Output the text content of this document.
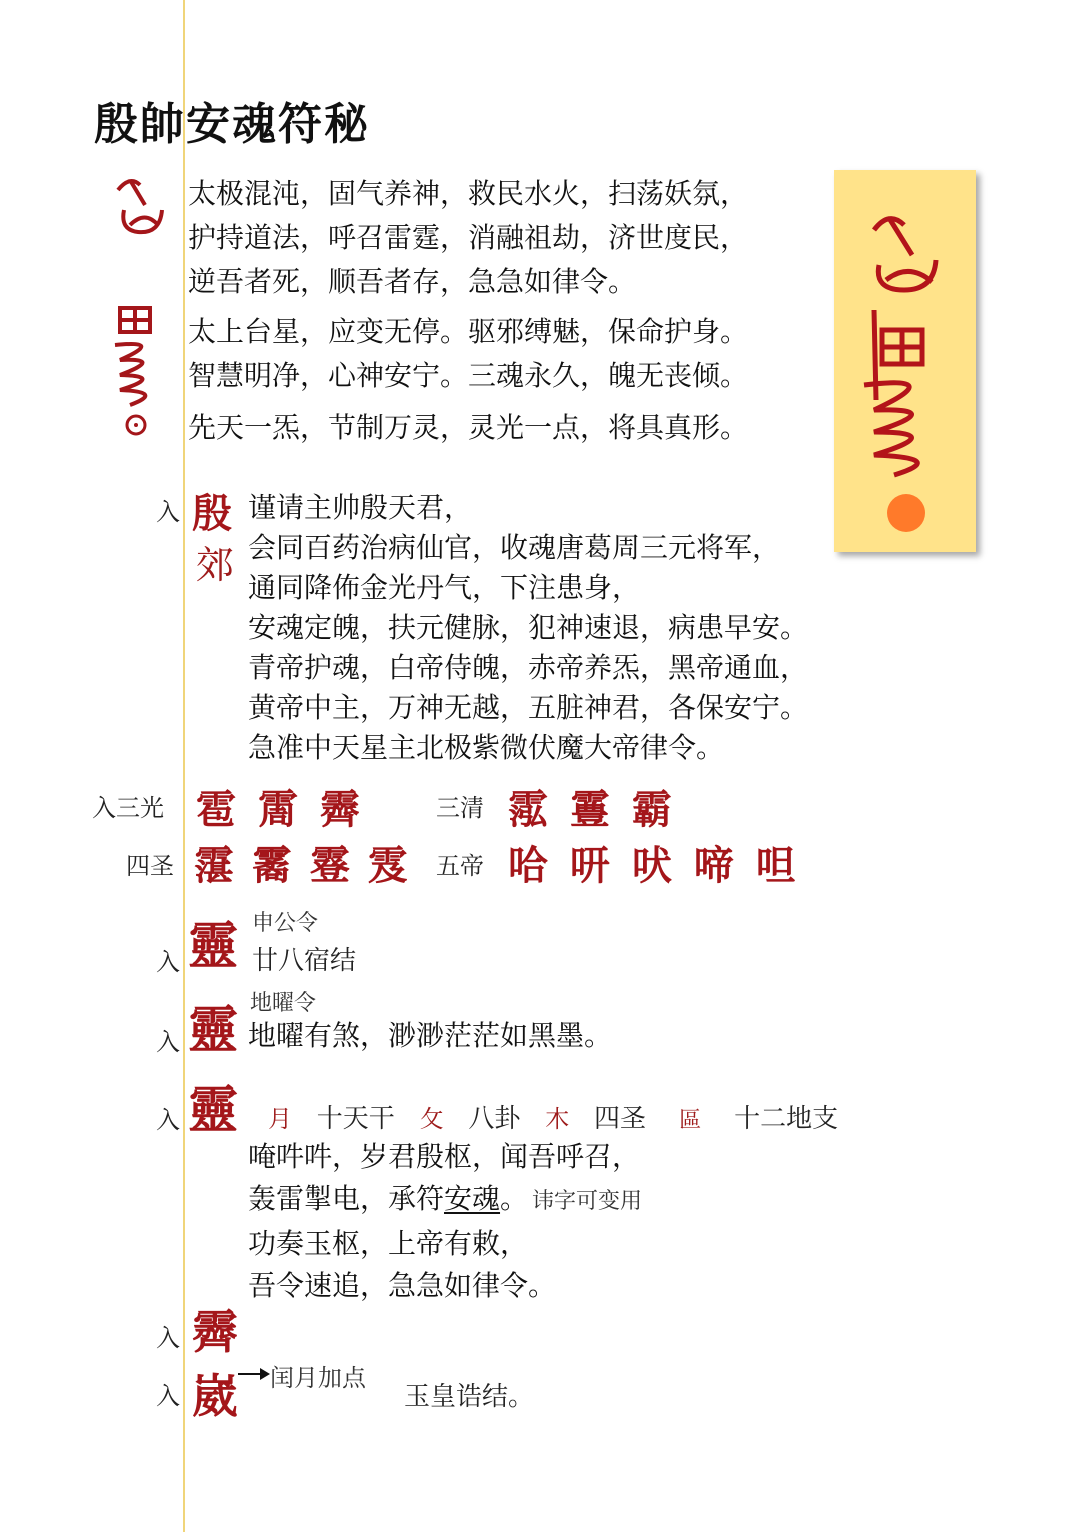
殷帥安魂符秘
太极混沌，固气养神，救民水火，扫荡妖氛，
护持道法，呼召雷霆，消融祖劫，济世度民，
逆吾者死，顺吾者存，急急如律令。
太上台星，应变无停。驱邪缚魅，保命护身。
智慧明净，心神安宁。三魂永久，魄无丧倾。
先天一炁，节制万灵，灵光一点，将具真形。
入 殷
郊
谨请主帅殷天君，
会同百药治病仙官，收魂唐葛周三元将军，
通同降佈金光丹气，下注患身，
安魂定魄，扶元健脉，犯神速退，病患早安。
青帝护魂，白帝侍魄，赤帝养炁，黑帝通血，
黄帝中主，万神无越，五脏神君，各保安宁。
急准中天星主北极紫微伏魔大帝律令。
入三光 雹 霌 霽	三清 霐 霻 霸
四圣 霮 霱 霯 雭 五帝 哈 咞 吠 啼 呾
入 靈 申公令
廿八宿结
地曜令
入 靈 地曜有煞，渺渺茫茫如黑墨。
入 靈 月 十天干 攵 八卦 木 四圣 區 十二地支
唵吽吽，岁君殷枢，闻吾呼召，
轰雷掣电，承符安魂。 讳字可变用
功奏玉枢，上帝有敕，
吾令速追，急急如律令。
入 霽
入 崴 闰月加点
玉皇诰结。
